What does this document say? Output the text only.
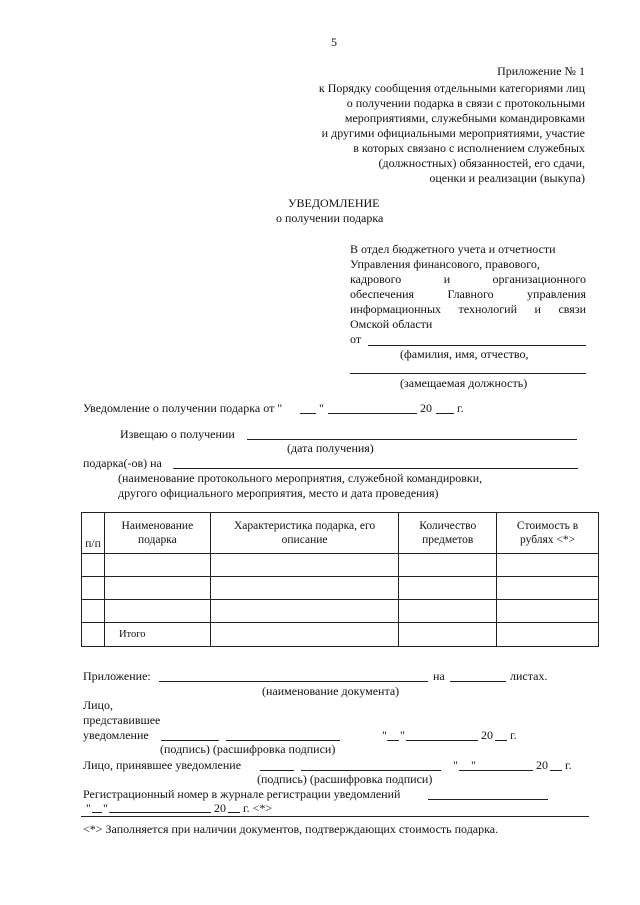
5
Приложение № 1
к Порядку сообщения отдельными категориями лиц
о получении подарка в связи с протокольными
мероприятиями, служебными командировками
и другими официальными мероприятиями, участие
в которых связано с исполнением служебных
(должностных) обязанностей, его сдачи,
оценки и реализации (выкупа)
УВЕДОМЛЕНИЕ
о получении подарка
В отдел бюджетного учета и отчетности
Управления финансового, правового,
кадрового и организационного
обеспечения Главного управления
информационных технологий и связи
Омской области
от
(фамилия, имя, отчество,
(замещаемая должность)
Уведомление о получении подарка от "	"	20 г.
Извещаю о получении
(дата получения)
подарка(-ов) на
(наименование протокольного мероприятия, служебной командировки,
другого официального мероприятия, место и дата проведения)
п/п	Наименование подарка	Характеристика подарка, его описание	Количество предметов	Стоимость в рублях <*>

	Итого			
Приложение:	на	листах.
(наименование документа)
Лицо,
представившее
уведомление	" "	20 г.
(подпись) (расшифровка подписи)
Лицо, принявшее уведомление	" "	20 г.
(подпись) (расшифровка подписи)
Регистрационный номер в журнале регистрации уведомлений
" "	20 г. <*>
<*> Заполняется при наличии документов, подтверждающих стоимость подарка.
